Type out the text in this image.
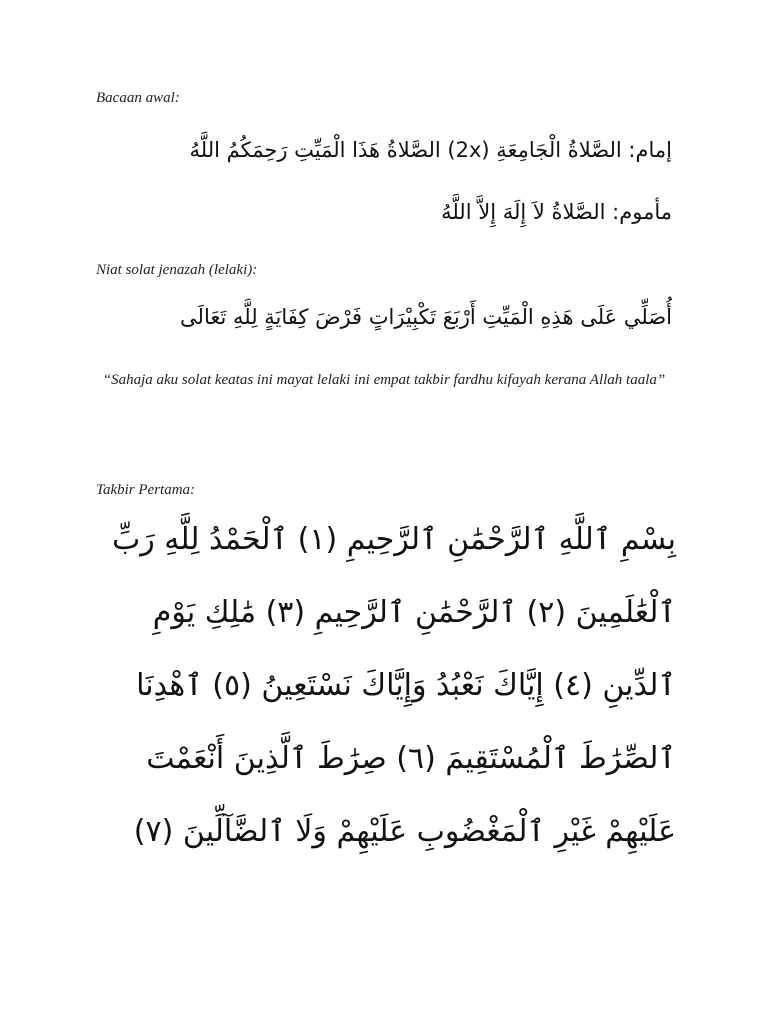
Bacaan awal:
إمام: الصَّلاةُ الْجَامِعَةِ (2x) الصَّلاةُ هَذَا الْمَيِّتِ رَحِمَكُمُ اللَّهُ
مأموم: الصَّلاةُ لاَ إِلَهَ إِلاَّ اللَّهُ
Niat solat jenazah (lelaki):
أُصَلِّي عَلَى هَذِهِ الْمَيِّتِ أَرْبَعَ تَكْبِيْرَاتٍ فَرْضَ كِفَايَةٍ لِلَّهِ تَعَالَى
“Sahaja aku solat keatas ini mayat lelaki ini empat takbir fardhu kifayah kerana Allah taala”
Takbir Pertama:
بِسْمِ ٱللَّهِ ٱلرَّحْمَٰنِ ٱلرَّحِيمِ (١) ٱلْحَمْدُ لِلَّهِ رَبِّ
ٱلْعَٰلَمِينَ (٢) ٱلرَّحْمَٰنِ ٱلرَّحِيمِ (٣) مَٰلِكِ يَوْمِ
ٱلدِّينِ (٤) إِيَّاكَ نَعْبُدُ وَإِيَّاكَ نَسْتَعِينُ (٥) ٱهْدِنَا
ٱلصِّرَٰطَ ٱلْمُسْتَقِيمَ (٦) صِرَٰطَ ٱلَّذِينَ أَنْعَمْتَ
عَلَيْهِمْ غَيْرِ ٱلْمَغْضُوبِ عَلَيْهِمْ وَلَا ٱلضَّآلِّينَ (٧)
